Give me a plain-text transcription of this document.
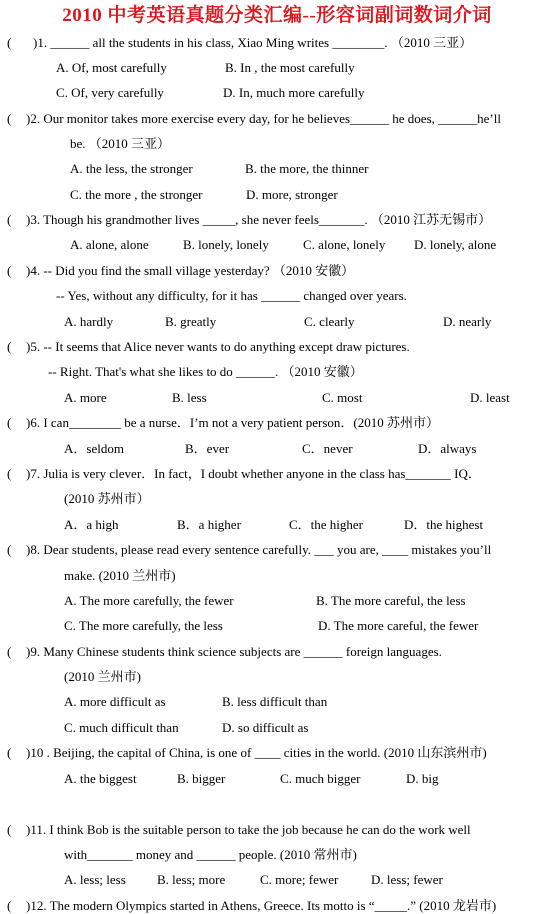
2010 中考英语真题分类汇编--形容词副词数词介词
( )1. ______ all the students in his class, Xiao Ming writes ________. （2010 三亚）
A. Of, most carefully	B. In , the most carefully
C. Of, very carefully	D. In, much more carefully
( )2. Our monitor takes more exercise every day, for he believes______ he does, ______he’ll
be. （2010 三亚）
A. the less, the stronger	B. the more, the thinner
C. the more , the stronger	D. more, stronger
( )3. Though his grandmother lives _____, she never feels_______. （2010 江苏无锡市）
A. alone, alone	B. lonely, lonely	C. alone, lonely D. lonely, alone
( )4. -- Did you find the small village yesterday? （2010 安徽）
-- Yes, without any difficulty, for it has ______ changed over years.
A. hardly	B. greatly	C. clearly	D. nearly
( )5. -- It seems that Alice never wants to do anything except draw pictures.
-- Right. That's what she likes to do ______. （2010 安徽）
A. more	B. less	C. most	D. least
( )6. I can________ be a nurse．I’m not a very patient person．(2010 苏州市）
A．seldom	B．ever	C．never	D．always
( )7. Julia is very clever．In fact，I doubt whether anyone in the class has_______ IQ．
(2010 苏州市）
A．a high	B．a higher	C．the higher	D．the highest
( )8. Dear students, please read every sentence carefully. ___ you are, ____ mistakes you’ll
make. (2010 兰州市)
A. The more carefully, the fewer	B. The more careful, the less
C. The more carefully, the less	D. The more careful, the fewer
( )9. Many Chinese students think science subjects are ______ foreign languages.
(2010 兰州市)
A. more difficult as	B. less difficult than
C. much difficult than	D. so difficult as
( )10 . Beijing, the capital of China, is one of ____ cities in the world. (2010 山东滨州市)
A. the biggest	B. bigger	C. much bigger	D. big
( )11. I think Bob is the suitable person to take the job because he can do the work well
with_______ money and ______ people. (2010 常州市)
A. less; less B. less; more	C. more; fewer	D. less; fewer
( )12. The modern Olympics started in Athens, Greece. Its motto is “_____.” (2010 龙岩市)
